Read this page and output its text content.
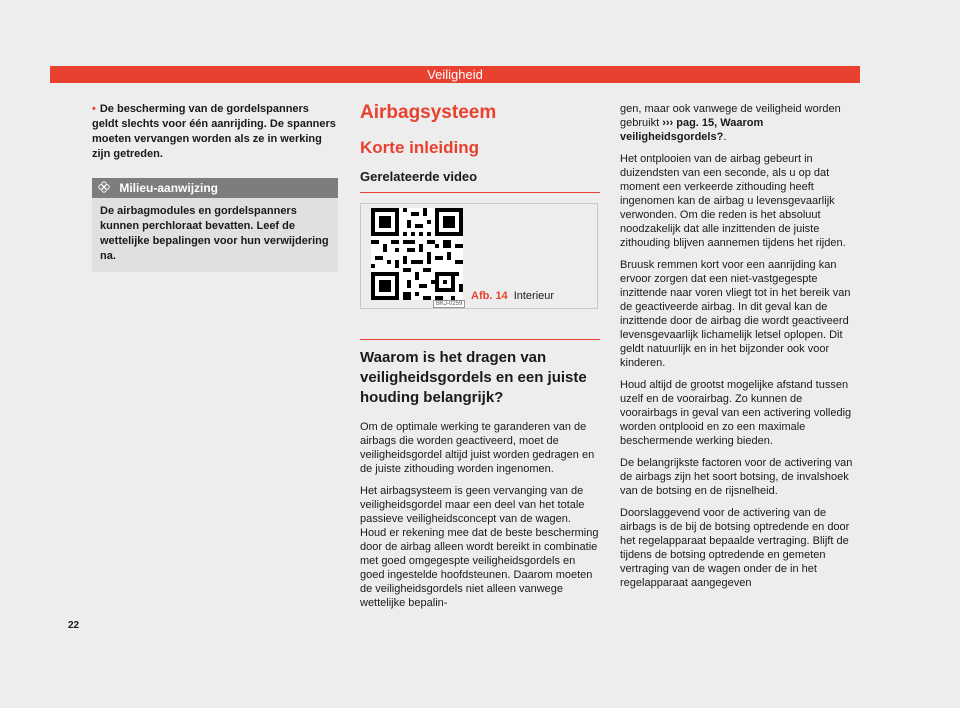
Veiligheid

• De bescherming van de gordelspanners geldt slechts voor één aanrijding. De spanners moeten vervangen worden als ze in werking zijn getreden.

Milieu-aanwijzing
De airbagmodules en gordelspanners kunnen perchloraat bevatten. Leef de wettelijke bepalingen voor hun verwijdering na.
Airbagsysteem
Korte inleiding
Gerelateerde video
BKJ-0259
Afb. 14 Interieur
Waarom is het dragen van veiligheidsgordels en een juiste houding belangrijk?

Om de optimale werking te garanderen van de airbags die worden geactiveerd, moet de veiligheidsgordel altijd juist worden gedragen en de juiste zithouding worden ingenomen.

Het airbagsysteem is geen vervanging van de veiligheidsgordel maar een deel van het totale passieve veiligheidsconcept van de wagen. Houd er rekening mee dat de beste bescherming door de airbag alleen wordt bereikt in combinatie met goed omgegespte veiligheidsgordels en goed ingestelde hoofdsteunen. Daarom moeten de veiligheidsgordels niet alleen vanwege wettelijke bepalin-

gen, maar ook vanwege de veiligheid worden gebruikt ››› pag. 15, Waarom veiligheidsgordels?.

Het ontplooien van de airbag gebeurt in duizendsten van een seconde, als u op dat moment een verkeerde zithouding heeft ingenomen kan de airbag u levensgevaarlijk verwonden. Om die reden is het absoluut noodzakelijk dat alle inzittenden de juiste zithouding blijven aannemen tijdens het rijden.

Bruusk remmen kort voor een aanrijding kan ervoor zorgen dat een niet-vastgegespte inzittende naar voren vliegt tot in het bereik van de geactiveerde airbag. In dit geval kan de inzittende door de airbag die wordt geactiveerd levensgevaarlijk lichamelijk letsel oplopen. Dit geldt natuurlijk en in het bijzonder ook voor kinderen.

Houd altijd de grootst mogelijke afstand tussen uzelf en de voorairbag. Zo kunnen de voorairbags in geval van een activering volledig worden ontplooid en zo een maximale beschermende werking bieden.

De belangrijkste factoren voor de activering van de airbags zijn het soort botsing, de invalshoek van de botsing en de rijsnelheid.

Doorslaggevend voor de activering van de airbags is de bij de botsing optredende en door het regelapparaat bepaalde vertraging. Blijft de tijdens de botsing optredende en gemeten vertraging van de wagen onder de in het regelapparaat aangegeven

22
